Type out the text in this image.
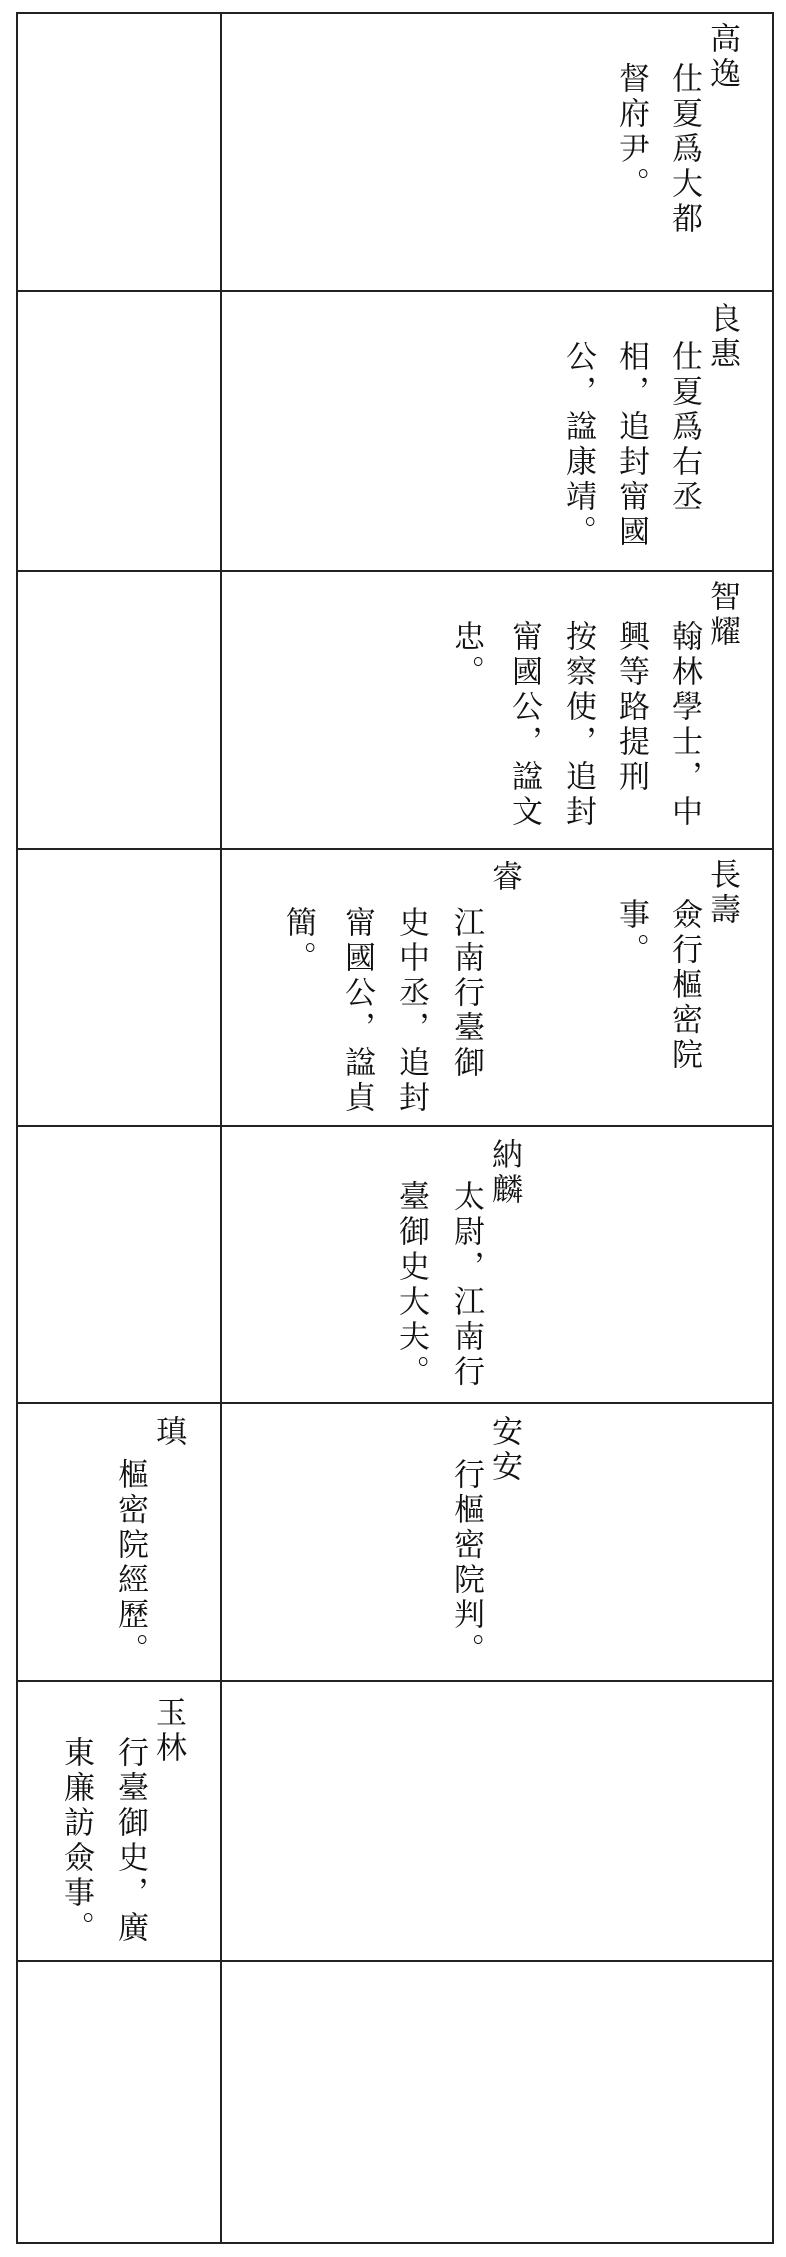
高逸
仕夏爲大都
督府尹。
良惠
仕夏爲右丞
相，追封甯國
公，諡康靖。
智耀
翰林學士，中
興等路提刑
按察使，追封
甯國公，諡文
忠。
長壽
僉行樞密院
事。
睿
江南行臺御
史中丞，追封
甯國公，諡貞
簡。
納麟
太尉，江南行
臺御史大夫。
安安
行樞密院判。
瑱
樞密院經歷。
玉林
行臺御史，廣
東廉訪僉事。
